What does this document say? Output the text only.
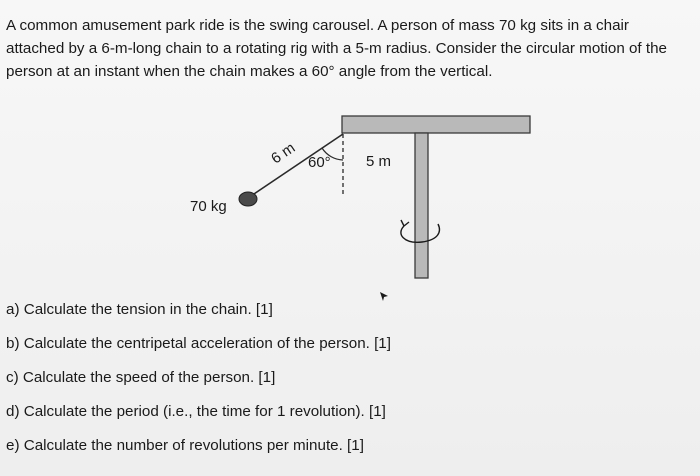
A common amusement park ride is the swing carousel. A person of mass 70 kg sits in a chair
attached by a 6-m-long chain to a rotating rig with a 5-m radius. Consider the circular motion of the
person at an instant when the chain makes a 60° angle from the vertical.

6 m 60° 5 m
70 kg
a) Calculate the tension in the chain. [1]
b) Calculate the centripetal acceleration of the person. [1]
c) Calculate the speed of the person. [1]
d) Calculate the period (i.e., the time for 1 revolution). [1]
e) Calculate the number of revolutions per minute. [1]
